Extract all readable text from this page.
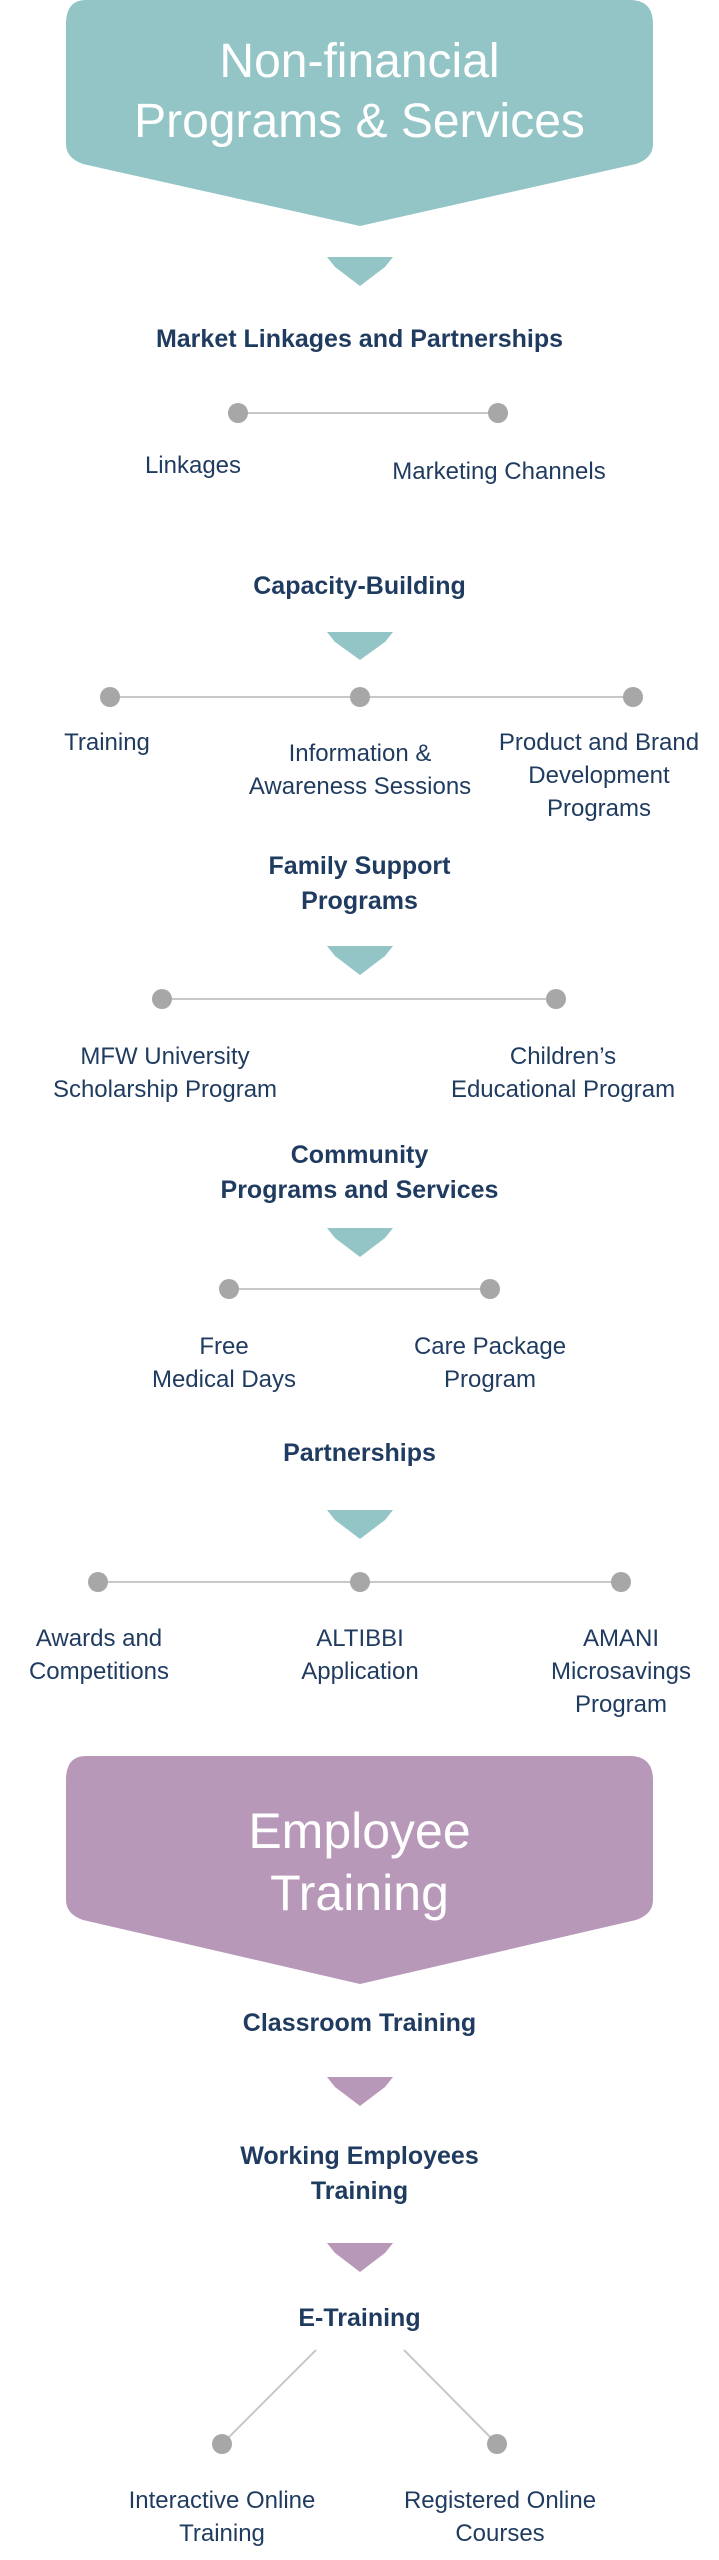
Non-financial
Programs & Services
Market Linkages and Partnerships
Linkages	Marketing Channels
Capacity-Building
Training	Information &
Awareness Sessions
Product and Brand
Development
Programs
Family Support
Programs
MFW University
Scholarship Program
Children’s
Educational Program
Community
Programs and Services
Free
Medical Days
Care Package
Program
Partnerships
Awards and
Competitions
ALTIBBI
Application
AMANI
Microsavings
Program
Employee
Training
Classroom Training
Working Employees
Training
E-Training
Interactive Online
Training
Registered Online
Courses
